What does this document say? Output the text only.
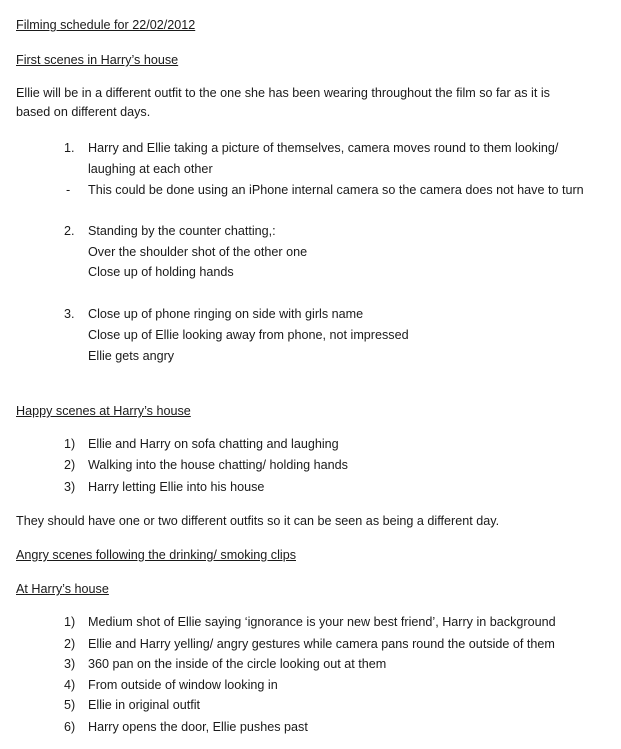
Filming schedule for 22/02/2012
First scenes in Harry’s house
Ellie will be in a different outfit to the one she has been wearing throughout the film so far as it is
based on different days.
1. Harry and Ellie taking a picture of themselves, camera moves round to them looking/
laughing at each other
- This could be done using an iPhone internal camera so the camera does not have to turn
2. Standing by the counter chatting,:
Over the shoulder shot of the other one
Close up of holding hands
3. Close up of phone ringing on side with girls name
Close up of Ellie looking away from phone, not impressed
Ellie gets angry
Happy scenes at Harry’s house
1) Ellie and Harry on sofa chatting and laughing
2) Walking into the house chatting/ holding hands
3) Harry letting Ellie into his house
They should have one or two different outfits so it can be seen as being a different day.
Angry scenes following the drinking/ smoking clips
At Harry’s house
1) Medium shot of Ellie saying ‘ignorance is your new best friend’, Harry in background
2) Ellie and Harry yelling/ angry gestures while camera pans round the outside of them
3) 360 pan on the inside of the circle looking out at them
4) From outside of window looking in
5) Ellie in original outfit
6) Harry opens the door, Ellie pushes past
